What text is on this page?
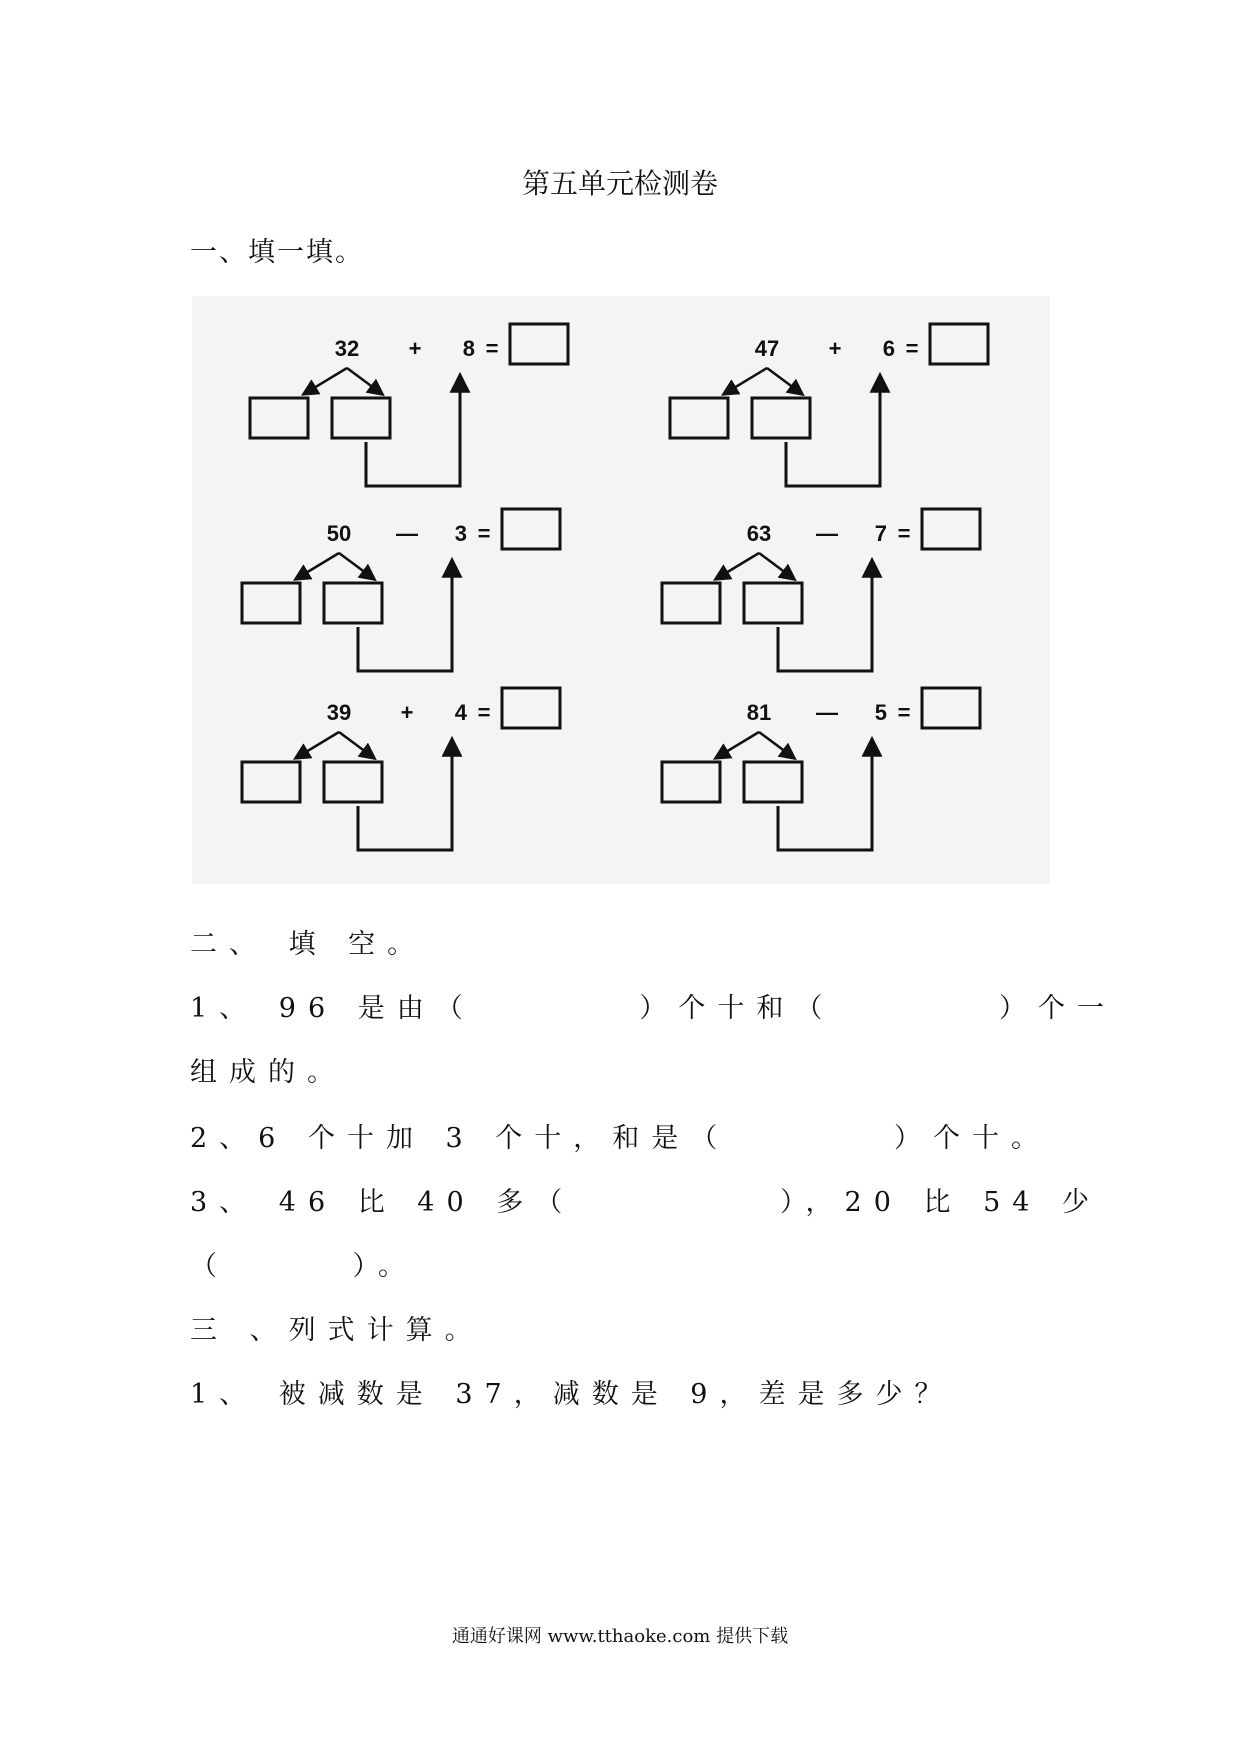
第五单元检测卷
一、填一填。
32 + 8 =	47 + 6 =
50 — 3 =	63 — 7 =
39 + 4 =	81 — 5 =
二、 填 空。
1、 96 是由（        ）个十和（        ）个一
组成的。
2、6 个十加 3 个十，和是（        ）个十。
3、 46 比 40 多（          ），20 比 54 少
（      ）。
三 、列式计算。
1、 被减数是 37，减数是 9，差是多少？
通通好课网 www.tthaoke.com 提供下载
